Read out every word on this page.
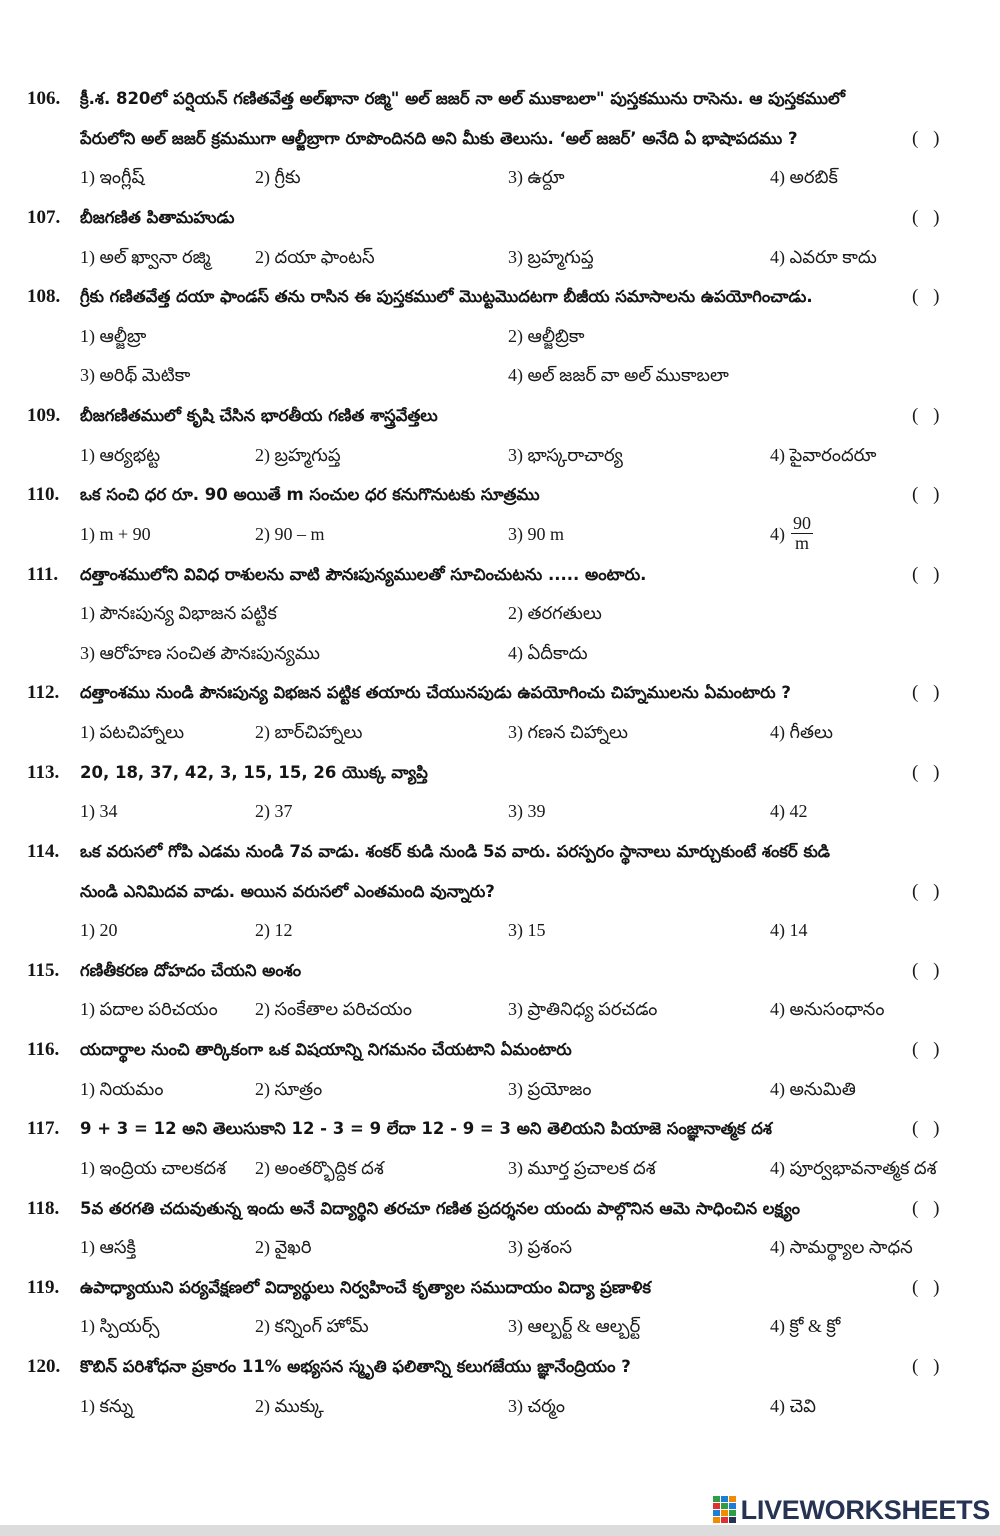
106. క్రీ.శ. 820లో పర్షియన్ గణితవేత్త అల్‌ఖానా రజ్మి" అల్ జజర్ నా అల్ ముకాబలా" పుస్తకమును రాసెను. ఆ పుస్తకములో
పేరులోని అల్ జజర్ క్రమముగా ఆల్జీబ్రాగా రూపొందినది అని మీకు తెలుసు. ‘అల్ జజర్’ అనేది ఏ భాషాపదము ?	( )
1) ఇంగ్లీష్	2) గ్రీకు	3) ఉర్దూ	4) అరబిక్
107. బీజగణిత పితామహుడు	( )
1) అల్ ఖ్వానా రజ్మి	2) దయా ఫాంటస్	3) బ్రహ్మగుప్త	4) ఎవరూ కాదు
108. గ్రీకు గణితవేత్త దయా ఫాండస్ తను రాసిన ఈ పుస్తకములో మొట్టమొదటగా బీజీయ సమాసాలను ఉపయోగించాడు.	( )
1) ఆల్జీబ్రా	2) ఆల్జీబ్రికా
3) అరిథ్ మెటికా	4) అల్ జజర్ వా అల్ ముకాబలా
109. బీజగణితములో కృషి చేసిన భారతీయ గణిత శాస్త్రవేత్తలు	( )
1) ఆర్యభట్ట	2) బ్రహ్మగుప్త	3) భాస్కరాచార్య	4) పైవారందరూ
110. ఒక సంచి ధర రూ. 90 అయితే m సంచుల ధర కనుగొనుటకు సూత్రము	( )
1) m + 90	2) 90 – m	3) 90 m	$4) \frac{90}{m}$
111. దత్తాంశములోని వివిధ రాశులను వాటి పౌనఃపున్యములతో సూచించుటను ..... అంటారు.	( )
1) పౌనఃపున్య విభాజన పట్టిక	2) తరగతులు
3) ఆరోహణ సంచిత పౌనఃపున్యము	4) ఏదీకాదు
112. దత్తాంశము నుండి పౌనఃపున్య విభజన పట్టిక తయారు చేయునపుడు ఉపయోగించు చిహ్నములను ఏమంటారు ?	( )
1) పటచిహ్నాలు	2) బార్‌చిహ్నాలు	3) గణన చిహ్నాలు	4) గీతలు
113. 20, 18, 37, 42, 3, 15, 15, 26 యొక్క వ్యాప్తి	( )
1) 34	2) 37	3) 39	4) 42
114. ఒక వరుసలో గోపి ఎడమ నుండి 7వ వాడు. శంకర్ కుడి నుండి 5వ వారు. పరస్పరం స్థానాలు మార్చుకుంటే శంకర్ కుడి
నుండి ఎనిమిదవ వాడు. అయిన వరుసలో ఎంతమంది వున్నారు?	( )
1) 20	2) 12	3) 15	4) 14
115. గణితీకరణ దోహదం చేయని అంశం	( )
1) పదాల పరిచయం	2) సంకేతాల పరిచయం	3) ప్రాతినిధ్య పరచడం	4) అనుసంధానం
116. యదార్థాల నుంచి తార్కికంగా ఒక విషయాన్ని నిగమనం చేయటాని ఏమంటారు	( )
1) నియమం	2) సూత్రం	3) ప్రయోజం	4) అనుమితి
117. 9 + 3 = 12 అని తెలుసుకాని 12 - 3 = 9 లేదా 12 - 9 = 3 అని తెలియని పియాజె సంజ్ఞానాత్మక దశ	( )
1) ఇంద్రియ చాలకదశ	2) అంతర్భొద్దిక దశ	3) మూర్త ప్రచాలక దశ	4) పూర్వభావనాత్మక దశ
118. 5వ తరగతి చదువుతున్న ఇందు అనే విద్యార్థిని తరచూ గణిత ప్రదర్శనల యందు పాల్గొనిన ఆమె సాధించిన లక్ష్యం	( )
1) ఆసక్తి	2) వైఖరి	3) ప్రశంస	4) సామర్థ్యాల సాధన
119. ఉపాధ్యాయుని పర్యవేక్షణలో విద్యార్థులు నిర్వహించే కృత్యాల సముదాయం విద్యా ప్రణాళిక	( )
1) స్పియర్స్	2) కన్నింగ్ హోమ్	3) ఆల్బర్ట్ & ఆల్బర్ట్	4) క్రో & క్రో
120. కొబిన్ పరిశోధనా ప్రకారం 11% అభ్యసన స్మృతి ఫలితాన్ని కలుగజేయు జ్ఞానేంద్రియం ?	( )
1) కన్ను	2) ముక్కు	3) చర్మం	4) చెవి
LIVEWORKSHEETS
